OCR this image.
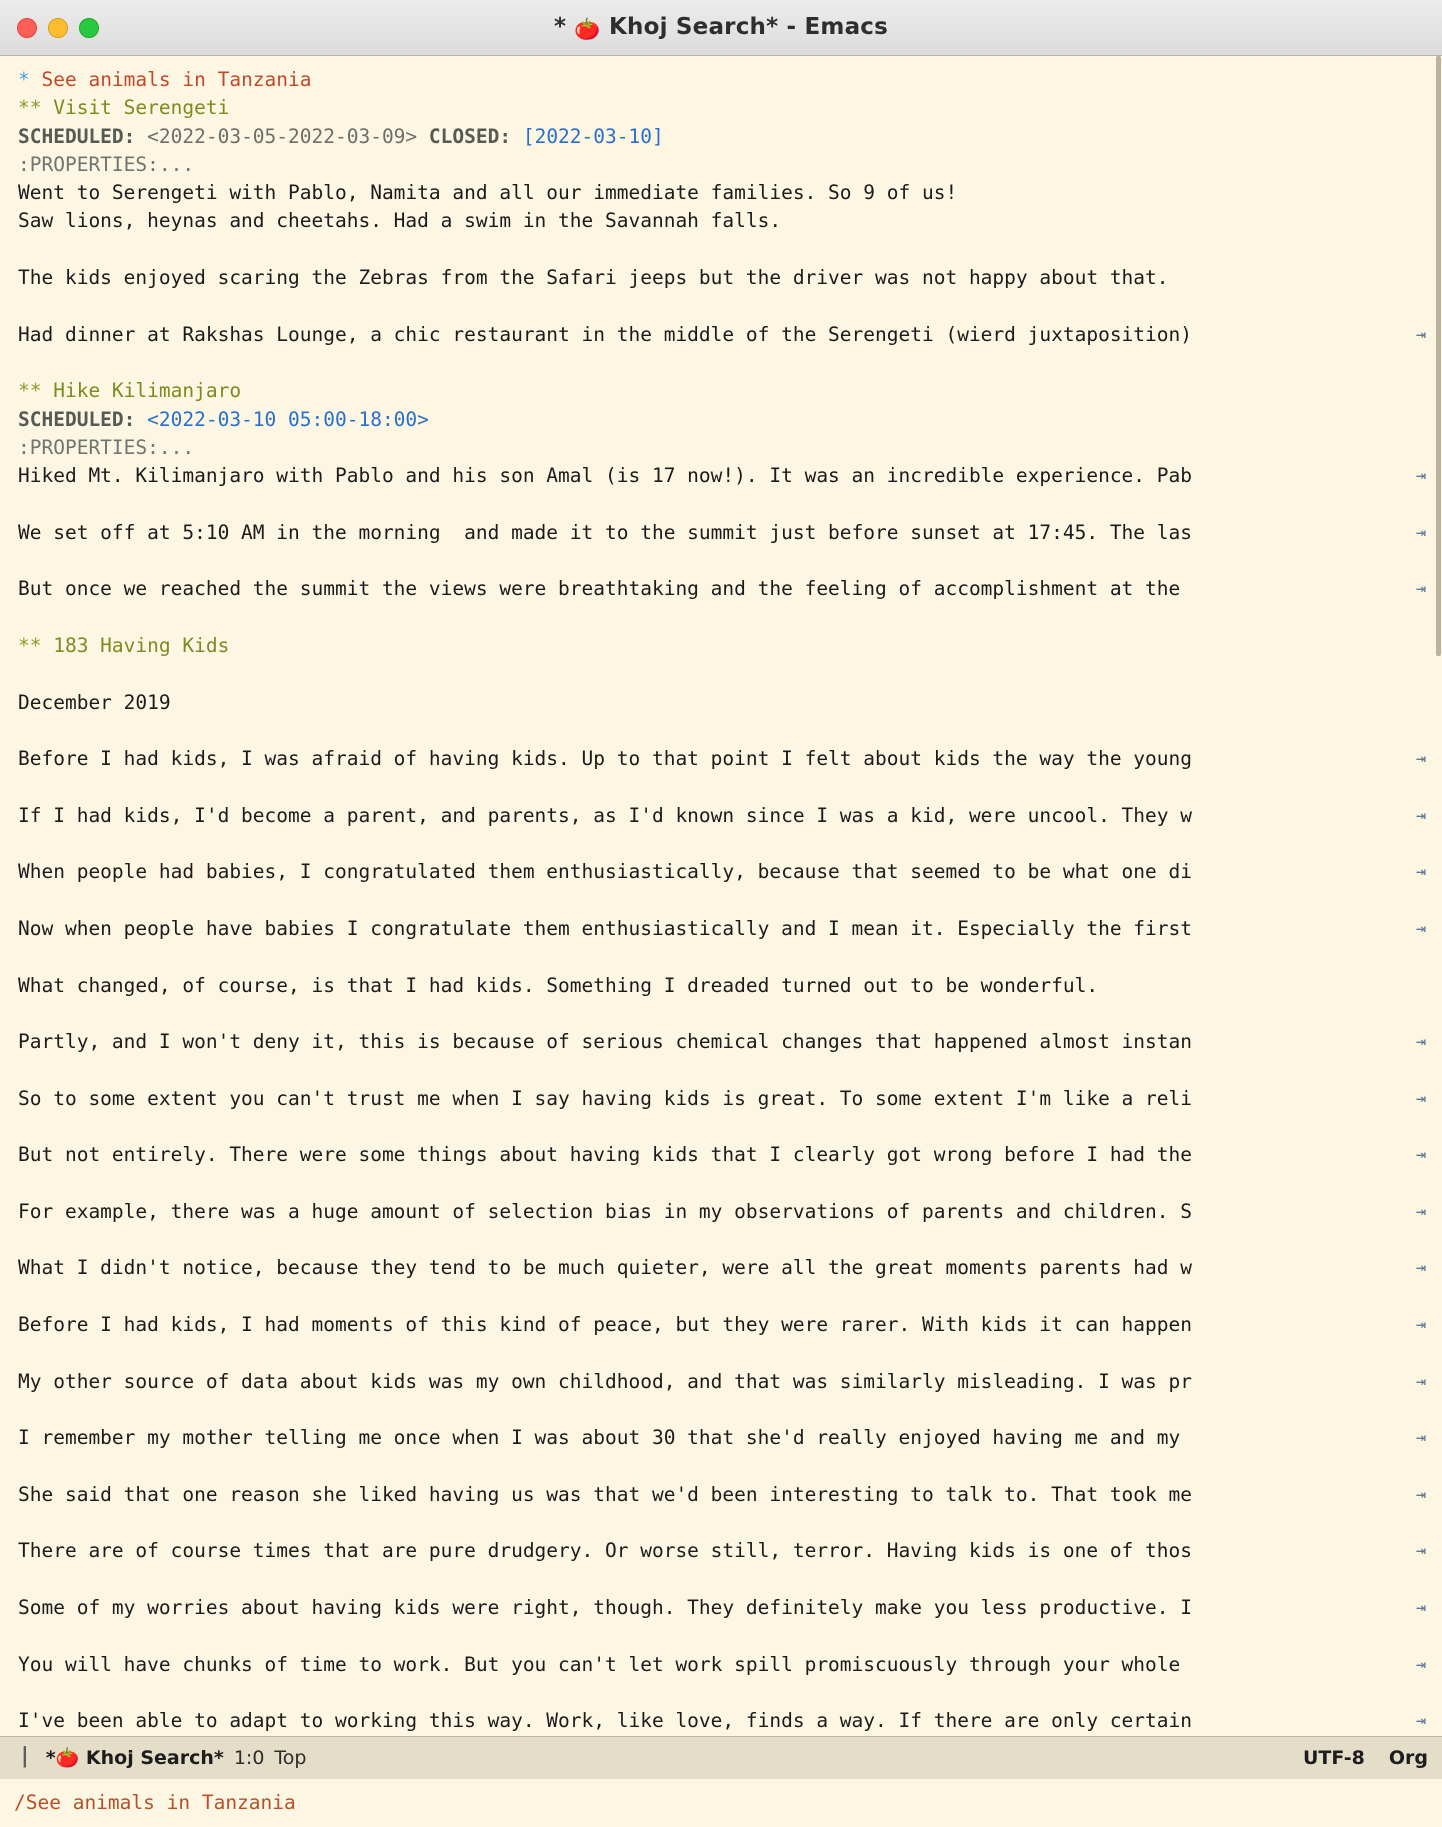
* 🍅 Khoj Search* - Emacs
* See animals in Tanzania
** Visit Serengeti
SCHEDULED: <2022-03-05-2022-03-09> CLOSED: [2022-03-10]
:PROPERTIES:...
Went to Serengeti with Pablo, Namita and all our immediate families. So 9 of us!
Saw lions, heynas and cheetahs. Had a swim in the Savannah falls.

The kids enjoyed scaring the Zebras from the Safari jeeps but the driver was not happy about that.

Had dinner at Rakshas Lounge, a chic restaurant in the middle of the Serengeti (wierd juxtaposition)	⇥

** Hike Kilimanjaro
SCHEDULED: <2022-03-10 05:00-18:00>
:PROPERTIES:...
Hiked Mt. Kilimanjaro with Pablo and his son Amal (is 17 now!). It was an incredible experience. Pab	⇥

We set off at 5:10 AM in the morning  and made it to the summit just before sunset at 17:45. The las	⇥

But once we reached the summit the views were breathtaking and the feeling of accomplishment at the	⇥

** 183 Having Kids

December 2019

Before I had kids, I was afraid of having kids. Up to that point I felt about kids the way the young	⇥

If I had kids, I'd become a parent, and parents, as I'd known since I was a kid, were uncool. They w	⇥

When people had babies, I congratulated them enthusiastically, because that seemed to be what one di	⇥

Now when people have babies I congratulate them enthusiastically and I mean it. Especially the first	⇥

What changed, of course, is that I had kids. Something I dreaded turned out to be wonderful.

Partly, and I won't deny it, this is because of serious chemical changes that happened almost instan	⇥

So to some extent you can't trust me when I say having kids is great. To some extent I'm like a reli	⇥

But not entirely. There were some things about having kids that I clearly got wrong before I had the	⇥

For example, there was a huge amount of selection bias in my observations of parents and children. S	⇥

What I didn't notice, because they tend to be much quieter, were all the great moments parents had w	⇥

Before I had kids, I had moments of this kind of peace, but they were rarer. With kids it can happen	⇥

My other source of data about kids was my own childhood, and that was similarly misleading. I was pr	⇥

I remember my mother telling me once when I was about 30 that she'd really enjoyed having me and my	⇥

She said that one reason she liked having us was that we'd been interesting to talk to. That took me	⇥

There are of course times that are pure drudgery. Or worse still, terror. Having kids is one of thos	⇥

Some of my worries about having kids were right, though. They definitely make you less productive. I	⇥

You will have chunks of time to work. But you can't let work spill promiscuously through your whole	⇥

I've been able to adapt to working this way. Work, like love, finds a way. If there are only certain	⇥
▕▏ *🍅 Khoj Search* 1:0 Top	UTF-8 Org
/See animals in Tanzania
